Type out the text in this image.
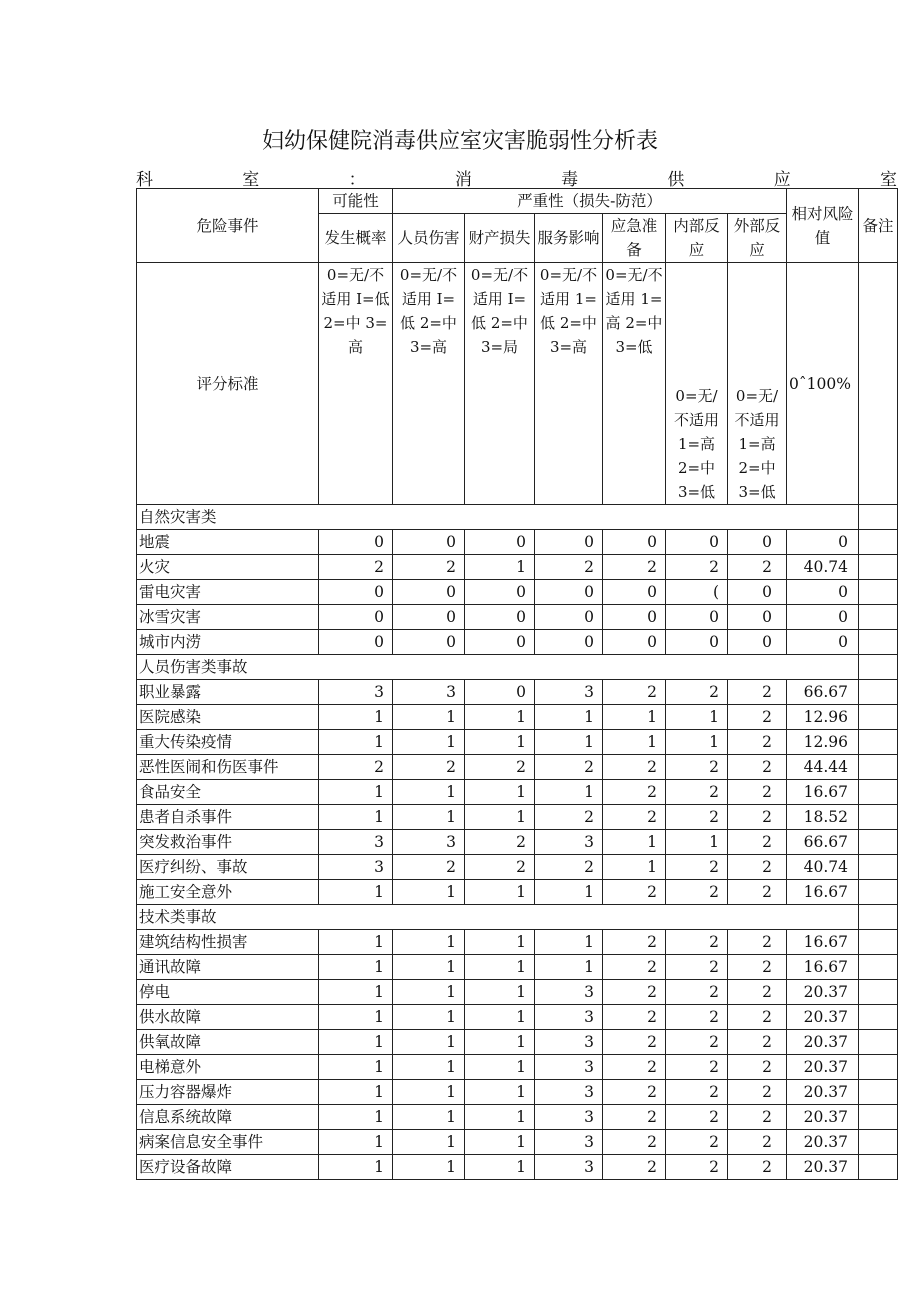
妇幼保健院消毒供应室灾害脆弱性分析表
科	室	：	消	毒	供	应	室
危险事件	可能性	严重性（损失-防范）						相对风险值	备注
	发生概率	人员伤害	财产损失	服务影响	应急准备	内部反应	外部反应		
评分标准	0=无/不适用 I=低 2=中 3=高	0=无/不适用 I=低 2=中 3=高	0=无/不适用 I=低 2=中 3=局	0=无/不适用 1=低 2=中 3=高	0=无/不适用 1=高 2=中 3=低	0=无/不适用 1=高 2=中 3=低	0=无/不适用 1=高 2=中 3=低	0ˆ100%	
自然灾害类									
地震	0	0	0	0	0	0	0	0	
火灾	2	2	1	2	2	2	2	40.74	
雷电灾害	0	0	0	0	0	(	0	0	
冰雪灾害	0	0	0	0	0	0	0	0	
城市内涝	0	0	0	0	0	0	0	0	
人员伤害类事故									
职业暴露	3	3	0	3	2	2	2	66.67	
医院感染	1	1	1	1	1	1	2	12.96	
重大传染疫情	1	1	1	1	1	1	2	12.96	
恶性医闹和伤医事件	2	2	2	2	2	2	2	44.44	
食品安全	1	1	1	1	2	2	2	16.67	
患者自杀事件	1	1	1	2	2	2	2	18.52	
突发救治事件	3	3	2	3	1	1	2	66.67	
医疗纠纷、事故	3	2	2	2	1	2	2	40.74	
施工安全意外	1	1	1	1	2	2	2	16.67	
技术类事故									
建筑结构性损害	1	1	1	1	2	2	2	16.67	
通讯故障	1	1	1	1	2	2	2	16.67	
停电	1	1	1	3	2	2	2	20.37	
供水故障	1	1	1	3	2	2	2	20.37	
供氧故障	1	1	1	3	2	2	2	20.37	
电梯意外	1	1	1	3	2	2	2	20.37	
压力容器爆炸	1	1	1	3	2	2	2	20.37	
信息系统故障	1	1	1	3	2	2	2	20.37	
病案信息安全事件	1	1	1	3	2	2	2	20.37	
医疗设备故障	1	1	1	3	2	2	2	20.37	
